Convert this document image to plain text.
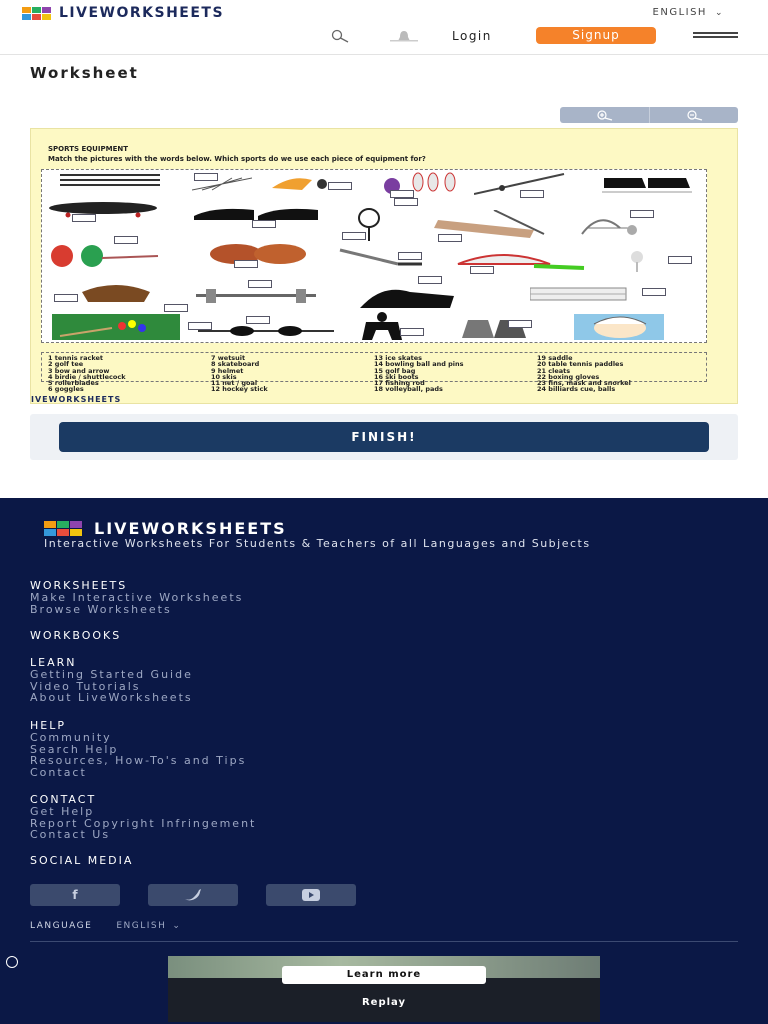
LIVEWORKSHEETS	ENGLISH ⌄
Login	Signup
Worksheet
SPORTS EQUIPMENT
Match the pictures with the words below. Which sports do we use each piece of equipment for?
1 tennis racket
2 golf tee
3 bow and arrow
4 birdie / shuttlecock
5 rollerblades
6 goggles
7 wetsuit
8 skateboard
9 helmet
10 skis
11 net / goal
12 hockey stick
13 ice skates
14 bowling ball and pins
15 golf bag
16 ski boots
17 fishing rod
18 volleyball, pads
19 saddle
20 table tennis paddles
21 cleats
22 boxing gloves
23 fins, mask and snorkel
24 billiards cue, balls
IVEWORKSHEETS
FINISH!
LIVEWORKSHEETS
Interactive Worksheets For Students & Teachers of all Languages and Subjects
WORKSHEETS
Make Interactive Worksheets
Browse Worksheets
WORKBOOKS
LEARN
Getting Started Guide
Video Tutorials
About LiveWorksheets
HELP
Community
Search Help
Resources, How-To's and Tips
Contact
CONTACT
Get Help
Report Copyright Infringement
Contact Us
SOCIAL MEDIA
f
LANGUAGE	ENGLISH ⌄
Learn more
Replay
